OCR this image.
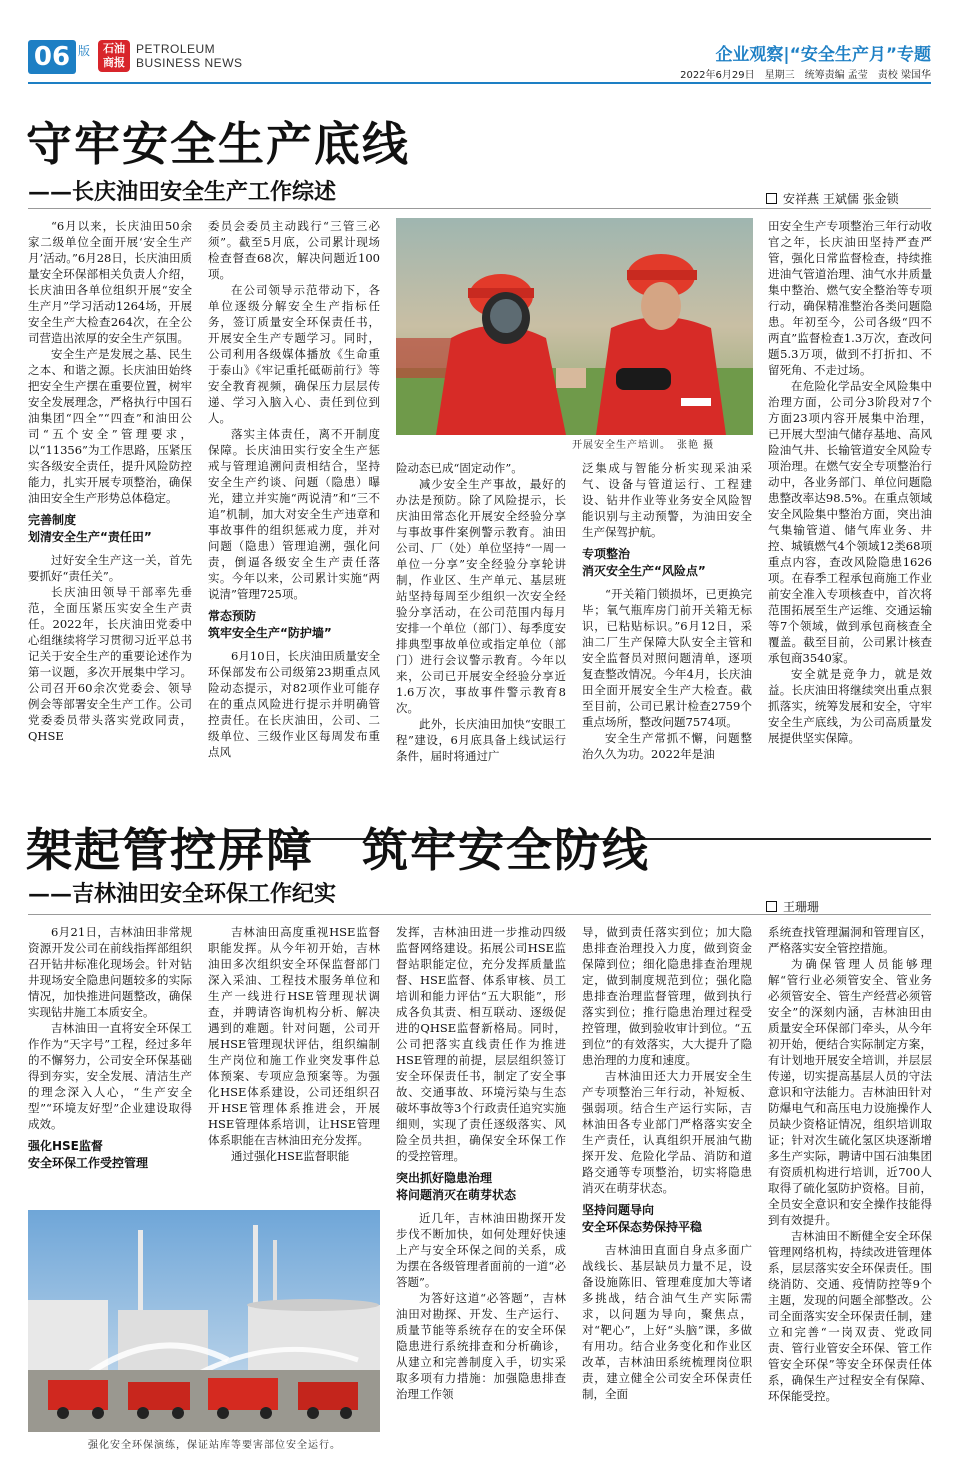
06 版	石油商报
PETROLEUM
BUSINESS NEWS	企业观察|“安全生产月”专题
2022年6月29日　星期三　统筹责编 孟莹　责校 梁国华
守牢安全生产底线
——长庆油田安全生产工作综述	安祥燕 王斌儒 张金锁
开展安全生产培训。　张艳 摄

“6月以来，长庆油田50余家二级单位全面开展‘安全生产月’活动。”6月28日，长庆油田质量安全环保部相关负责人介绍，长庆油田各单位组织开展“安全生产月”学习活动1264场，开展安全生产大检查264次，在全公司营造出浓厚的安全生产氛围。

安全生产是发展之基、民生之本、和谐之源。长庆油田始终把安全生产摆在重要位置，树牢安全发展理念，严格执行中国石油集团“四全”“四查”和油田公司“五个安全”管理要求，以“11356”为工作思路，压紧压实各级安全责任，提升风险防控能力，扎实开展专项整治，确保油田安全生产形势总体稳定。

完善制度
划清安全生产“责任田”

过好安全生产这一关，首先要抓好“责任关”。

长庆油田领导干部率先垂范，全面压紧压实安全生产责任。2022年，长庆油田党委中心组继续将学习贯彻习近平总书记关于安全生产的重要论述作为第一议题，多次开展集中学习。公司召开60余次党委会、领导例会等部署安全生产工作。公司党委委员带头落实党政同责，QHSE

委员会委员主动践行“三管三必须”。截至5月底，公司累计现场检查督查68次，解决问题近100项。

在公司领导示范带动下，各单位逐级分解安全生产指标任务，签订质量安全环保责任书，开展安全生产专题学习。同时，公司利用各级媒体播放《生命重于泰山》《牢记重托砥砺前行》等安全教育视频，确保压力层层传递、学习入脑入心、责任到位到人。

落实主体责任，离不开制度保障。长庆油田实行安全生产惩戒与管理追溯问责相结合，坚持安全生产约谈、问题（隐患）曝光，建立并实施“两说清”和“三不追”机制，加大对安全生产违章和事故事件的组织惩戒力度，并对问题（隐患）管理追溯，强化问责，倒逼各级安全生产责任落实。今年以来，公司累计实施“两说清”管理725项。

常态预防
筑牢安全生产“防护墙”

6月10日，长庆油田质量安全环保部发布公司级第23期重点风险动态提示，对82项作业可能存在的重点风险进行提示并明确管控责任。在长庆油田，公司、二级单位、三级作业区每周发布重点风

险动态已成“固定动作”。

减少安全生产事故，最好的办法是预防。除了风险提示，长庆油田常态化开展安全经验分享与事故事件案例警示教育。油田公司、厂（处）单位坚持“一周一单位一分享”安全经验分享轮讲制，作业区、生产单元、基层班站坚持每周至少组织一次安全经验分享活动，在公司范围内每月安排一个单位（部门）、每季度安排典型事故单位或指定单位（部门）进行会议警示教育。今年以来，公司已开展安全经验分享近1.6万次，事故事件警示教育8次。

此外，长庆油田加快“安眼工程”建设，6月底具备上线试运行条件，届时将通过广

泛集成与智能分析实现采油采气、设备与管道运行、工程建设、钻井作业等业务安全风险智能识别与主动预警，为油田安全生产保驾护航。

专项整治
消灭安全生产“风险点”

“开关箱门锁损坏，已更换完毕；氧气瓶库房门前开关箱无标识，已粘贴标识。”6月12日，采油二厂生产保障大队安全主管和安全监督员对照问题清单，逐项复查整改情况。今年4月，长庆油田全面开展安全生产大检查。截至目前，公司已累计检查2759个重点场所，整改问题7574项。

安全生产常抓不懈，问题整治久久为功。2022年是油

田安全生产专项整治三年行动收官之年，长庆油田坚持严查严管，强化日常监督检查，持续推进油气管道治理、油气水井质量集中整治、燃气安全整治等专项行动，确保精准整治各类问题隐患。年初至今，公司各级“四不两直”监督检查1.3万次，查改问题5.3万项，做到不打折扣、不留死角、不走过场。

在危险化学品安全风险集中治理方面，公司分3阶段对7个方面23项内容开展集中治理，已开展大型油气储存基地、高风险油气井、长输管道安全风险专项治理。在燃气安全专项整治行动中，各业务部门、单位问题隐患整改率达98.5%。在重点领域安全风险集中整治方面，突出油气集输管道、储气库业务、井控、城镇燃气4个领域12类68项重点内容，查改风险隐患1626项。在春季工程承包商施工作业前安全准入专项核查中，首次将范围拓展至生产运维、交通运输等7个领域，做到承包商核查全覆盖。截至目前，公司累计核查承包商3540家。

安全就是竞争力，就是效益。长庆油田将继续突出重点狠抓落实，统筹发展和安全，守牢安全生产底线，为公司高质量发展提供坚实保障。

架起管控屏障　筑牢安全防线
——吉林油田安全环保工作纪实	王珊珊

6月21日，吉林油田非常规资源开发公司在前线指挥部组织召开钻井标准化现场会。针对钻井现场安全隐患问题较多的实际情况，加快推进问题整改，确保实现钻井施工本质安全。

吉林油田一直将安全环保工作作为“天字号”工程，经过多年的不懈努力，公司安全环保基础得到夯实，安全发展、清洁生产的理念深入人心，“生产安全型”“环境友好型”企业建设取得成效。

强化HSE监督
安全环保工作受控管理

吉林油田高度重视HSE监督职能发挥。从今年初开始，吉林油田多次组织安全环保监督部门深入采油、工程技术服务单位和生产一线进行HSE管理现状调查，并聘请咨询机构分析、解决遇到的难题。针对问题，公司开展HSE管理现状评估，组织编制生产岗位和施工作业突发事件总体预案、专项应急预案等。为强化HSE体系建设，公司还组织召开HSE管理体系推进会，开展HSE管理体系培训，让HSE管理体系职能在吉林油田充分发挥。

通过强化HSE监督职能

强化安全环保演练，保证站库等要害部位安全运行。

发挥，吉林油田进一步推动四级监督网络建设。拓展公司HSE监督站职能定位，充分发挥质量监督、HSE监督、体系审核、员工培训和能力评估“五大职能”，形成各负其责、相互联动、逐级促进的QHSE监督新格局。同时，公司把落实直线责任作为推进HSE管理的前提，层层组织签订安全环保责任书，制定了安全事故、交通事故、环境污染与生态破坏事故等3个行政责任追究实施细则，实现了责任逐级落实、风险全员共担，确保安全环保工作的受控管理。

突出抓好隐患治理
将问题消灭在萌芽状态

近几年，吉林油田勘探开发步伐不断加快，如何处理好快速上产与安全环保之间的关系，成为摆在各级管理者面前的一道“必答题”。

为答好这道“必答题”，吉林油田对勘探、开发、生产运行、质量节能等系统存在的安全环保隐患进行系统排查和分析确诊，从建立和完善制度入手，切实采取多项有力措施：加强隐患排查治理工作领

导，做到责任落实到位；加大隐患排查治理投入力度，做到资金保障到位；细化隐患排查治理规定，做到制度规范到位；强化隐患排查治理监督管理，做到执行落实到位；推行隐患治理过程受控管理，做到验收审计到位。“五到位”的有效落实，大大提升了隐患治理的力度和速度。

吉林油田还大力开展安全生产专项整治三年行动，补短板、强弱项。结合生产运行实际，吉林油田各专业部门严格落实安全生产责任，认真组织开展油气勘探开发、危险化学品、消防和道路交通等专项整治，切实将隐患消灭在萌芽状态。

坚持问题导向
安全环保态势保持平稳

吉林油田直面自身点多面广战线长、基层缺员力量不足，设备设施陈旧、管理难度加大等诸多挑战，结合油气生产实际需求，以问题为导向，聚焦点，对“靶心”，上好“头脑”课，多做有用功。结合业务变化和作业区改革，吉林油田系统梳理岗位职责，建立健全公司安全环保责任制，全面

系统查找管理漏洞和管理盲区，严格落实安全管控措施。

为确保管理人员能够理解“管行业必须管安全、管业务必须管安全、管生产经营必须管安全”的深刻内涵，吉林油田由质量安全环保部门牵头，从今年初开始，便结合实际制定方案，有计划地开展安全培训，并层层传递，切实提高基层人员的守法意识和守法能力。吉林油田针对防爆电气和高压电力设施操作人员缺少资格证情况，组织培训取证；针对次生硫化氢区块逐渐增多生产实际，聘请中国石油集团有资质机构进行培训，近700人取得了硫化氢防护资格。目前，全员安全意识和安全操作技能得到有效提升。

吉林油田不断健全安全环保管理网络机构，持续改进管理体系，层层落实安全环保责任。围绕消防、交通、疫情防控等9个主题，发现的问题全部整改。公司全面落实安全环保责任制，建立和完善“一岗双责、党政同责、管行业管安全环保、管工作管安全环保”等安全环保责任体系，确保生产过程安全有保障、环保能受控。
